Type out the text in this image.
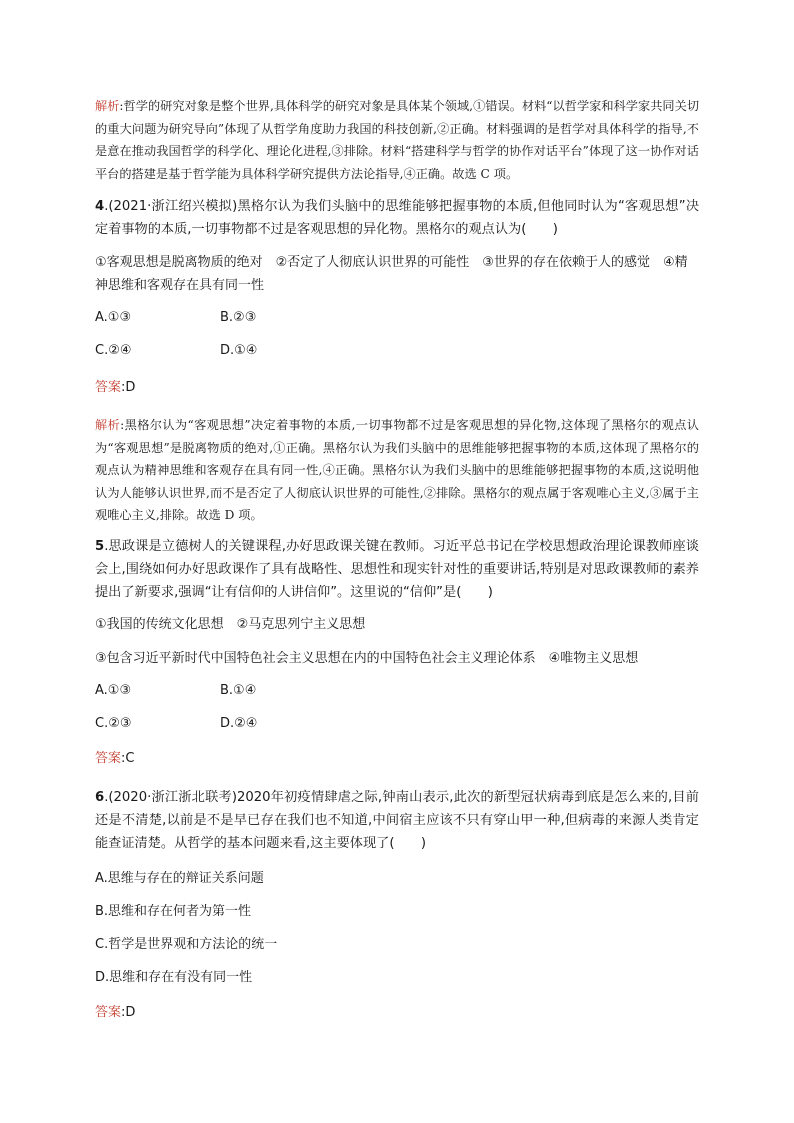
解析:哲学的研究对象是整个世界,具体科学的研究对象是具体某个领域,①错误。材料“以哲学家和科学家共同关切的重大问题为研究导向”体现了从哲学角度助力我国的科技创新,②正确。材料强调的是哲学对具体科学的指导,不是意在推动我国哲学的科学化、理论化进程,③排除。材料“搭建科学与哲学的协作对话平台”体现了这一协作对话平台的搭建是基于哲学能为具体科学研究提供方法论指导,④正确。故选 C 项。

4.(2021·浙江绍兴模拟)黑格尔认为我们头脑中的思维能够把握事物的本质,但他同时认为“客观思想”决定着事物的本质,一切事物都不过是客观思想的异化物。黑格尔的观点认为(　　)

①客观思想是脱离物质的绝对　②否定了人彻底认识世界的可能性　③世界的存在依赖于人的感觉　④精神思维和客观存在具有同一性

A.①③	B.②③
C.②④	D.①④

答案:D

解析:黑格尔认为“客观思想”决定着事物的本质,一切事物都不过是客观思想的异化物,这体现了黑格尔的观点认为“客观思想”是脱离物质的绝对,①正确。黑格尔认为我们头脑中的思维能够把握事物的本质,这体现了黑格尔的观点认为精神思维和客观存在具有同一性,④正确。黑格尔认为我们头脑中的思维能够把握事物的本质,这说明他认为人能够认识世界,而不是否定了人彻底认识世界的可能性,②排除。黑格尔的观点属于客观唯心主义,③属于主观唯心主义,排除。故选 D 项。

5.思政课是立德树人的关键课程,办好思政课关键在教师。习近平总书记在学校思想政治理论课教师座谈会上,围绕如何办好思政课作了具有战略性、思想性和现实针对性的重要讲话,特别是对思政课教师的素养提出了新要求,强调“让有信仰的人讲信仰”。这里说的“信仰”是(　　)

①我国的传统文化思想　②马克思列宁主义思想

③包含习近平新时代中国特色社会主义思想在内的中国特色社会主义理论体系　④唯物主义思想

A.①③	B.①④
C.②③	D.②④

答案:C

6.(2020·浙江浙北联考)2020年初疫情肆虐之际,钟南山表示,此次的新型冠状病毒到底是怎么来的,目前还是不清楚,以前是不是早已存在我们也不知道,中间宿主应该不只有穿山甲一种,但病毒的来源人类肯定能查证清楚。从哲学的基本问题来看,这主要体现了(　　)

A.思维与存在的辩证关系问题

B.思维和存在何者为第一性

C.哲学是世界观和方法论的统一

D.思维和存在有没有同一性

答案:D
